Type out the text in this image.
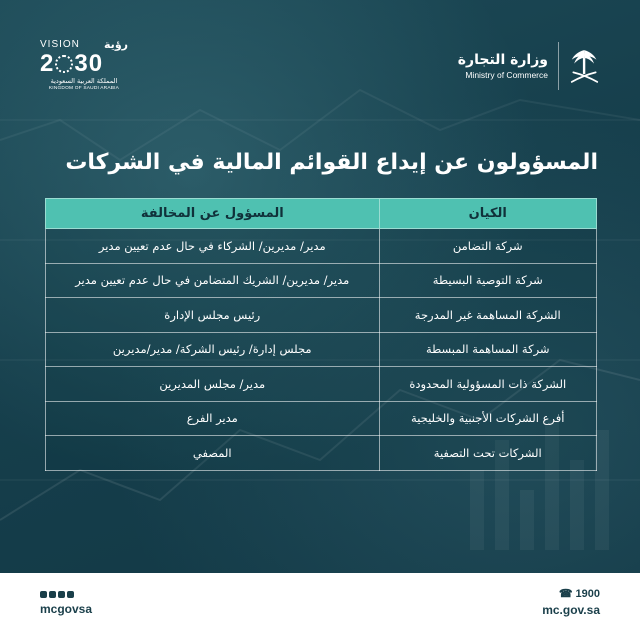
VISION رؤية
2 30
المملكة العربية السعودية
KINGDOM OF SAUDI ARABIA
وزارة التجارة
Ministry of Commerce
المسؤولون عن إيداع القوائم المالية في الشركات
الكيان	المسؤول عن المخالفة
شركة التضامن	مدير/ مديرين/ الشركاء في حال عدم تعيين مدير
شركة التوصية البسيطة	مدير/ مديرين/ الشريك المتضامن في حال عدم تعيين مدير
الشركة المساهمة غير المدرجة	رئيس مجلس الإدارة
شركة المساهمة المبسطة	مجلس إدارة/ رئيس الشركة/ مدير/مديرين
الشركة ذات المسؤولية المحدودة	مدير/ مجلس المديرين
أفرع الشركات الأجنبية والخليجية	مدير الفرع
الشركات تحت التصفية	المصفي
mcgovsa
☎ 1900
mc.gov.sa
